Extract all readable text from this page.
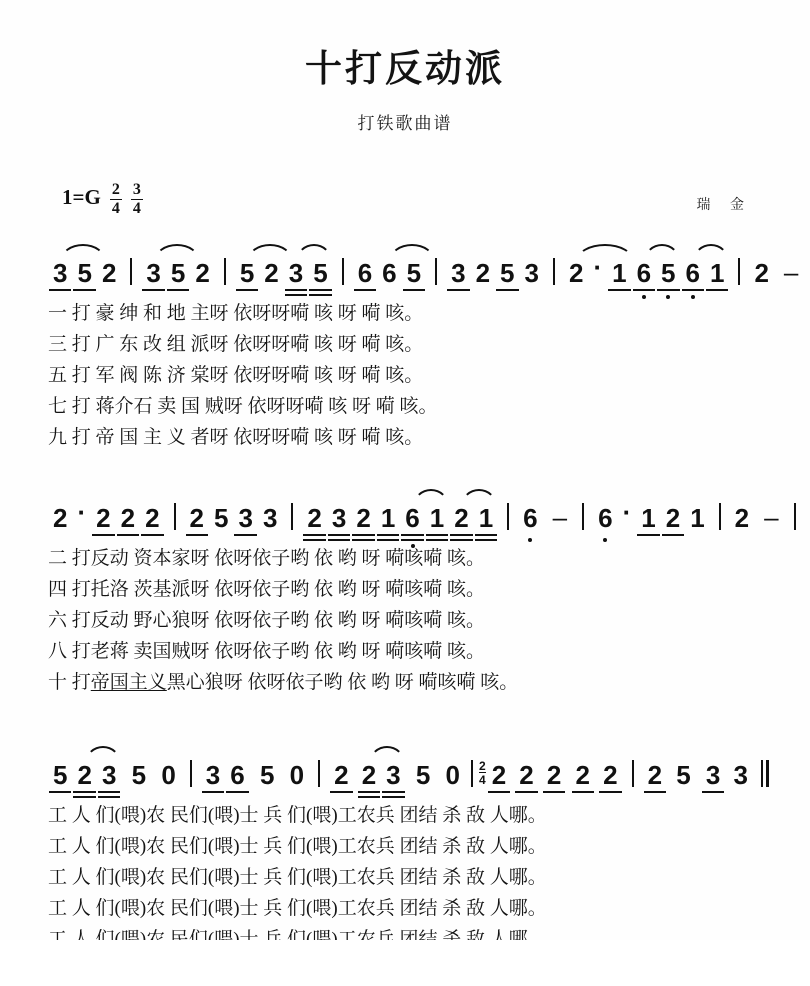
十打反动派
打铁歌曲谱
$1=G \frac{2}{4} \frac{3}{4}$	瑞 金
3 5 2 3 5 2 5 2 3 5 6 6 5 3 2 5 3 2 · 1 6 5 6 1 2 –
一 打 豪 绅 和 地 主呀 依呀呀嗬 咳 呀 嗬 咳。
三 打 广 东 改 组 派呀 依呀呀嗬 咳 呀 嗬 咳。
五 打 军 阀 陈 济 棠呀 依呀呀嗬 咳 呀 嗬 咳。
七 打 蒋介石 卖 国 贼呀 依呀呀嗬 咳 呀 嗬 咳。
九 打 帝 国 主 义 者呀 依呀呀嗬 咳 呀 嗬 咳。
2 · 2 2 2 2 5 3 3 2 3 2 1 6 1 2 1 6 – 6 · 1 2 1 2 –
二 打反动 资本家呀 依呀依子哟 依 哟 呀 嗬咳嗬 咳。
四 打托洛 茨基派呀 依呀依子哟 依 哟 呀 嗬咳嗬 咳。
六 打反动 野心狼呀 依呀依子哟 依 哟 呀 嗬咳嗬 咳。
八 打老蒋 卖国贼呀 依呀依子哟 依 哟 呀 嗬咳嗬 咳。
十 打 帝国主义 黑心狼呀 依呀依子哟 依 哟 呀 嗬咳嗬 咳。
5 2 3 5 0 3 6 5 0 2 2 3 5 $0 \frac{2}{4} 2$ 2 2 2 2 2 5 3 3
工 人 们(喂)农 民们(喂)士 兵 们(喂)工农兵 团结 杀 敌 人哪。
工 人 们(喂)农 民们(喂)士 兵 们(喂)工农兵 团结 杀 敌 人哪。
工 人 们(喂)农 民们(喂)士 兵 们(喂)工农兵 团结 杀 敌 人哪。
工 人 们(喂)农 民们(喂)士 兵 们(喂)工农兵 团结 杀 敌 人哪。
